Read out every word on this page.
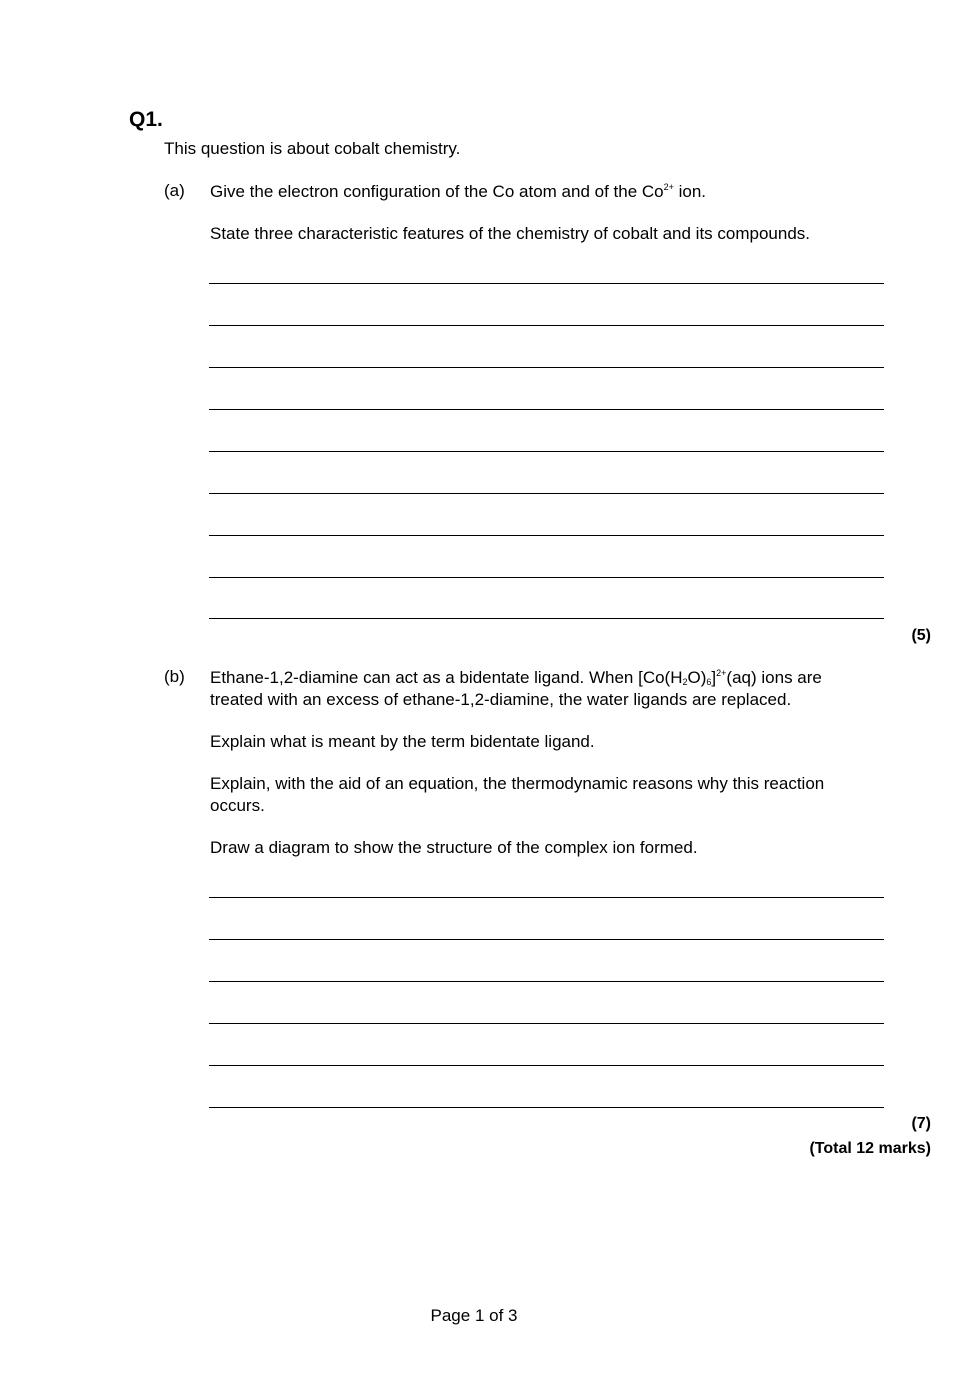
Q1.
This question is about cobalt chemistry.
(a) Give the electron configuration of the Co atom and of the $Co^{2+}$ ion.
State three characteristic features of the chemistry of cobalt and its compounds.
(5)
(b) Ethane-1,2-diamine can act as a bidentate ligand. When $[Co(H_2O)_6]^{2+}(aq)$ ions are treated with an excess of ethane-1,2-diamine, the water ligands are replaced.
Explain what is meant by the term bidentate ligand.
Explain, with the aid of an equation, the thermodynamic reasons why this reaction occurs.
Draw a diagram to show the structure of the complex ion formed.
(7)
(Total 12 marks)
Page 1 of 3
